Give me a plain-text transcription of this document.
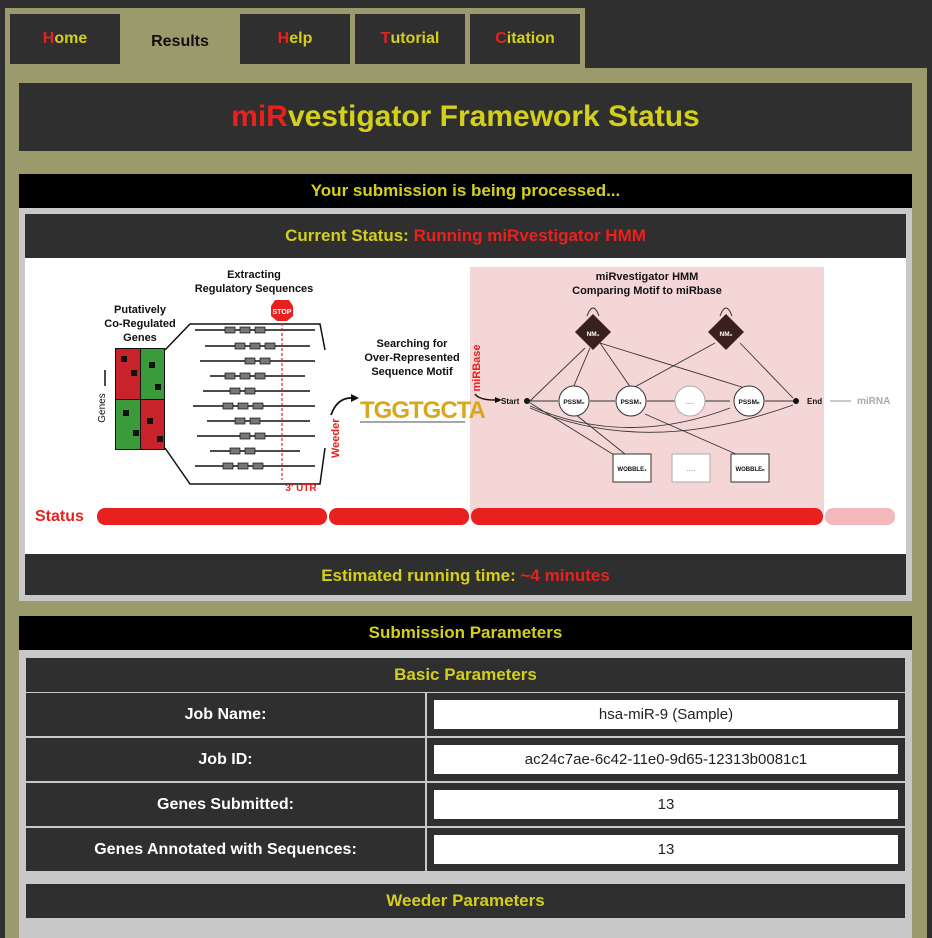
H ome	Results	H elp	T utorial	C itation
miR vestigator Framework Status
Your submission is being processed...
Current Status:
Running miRvestigator HMM
Extracting
Regulatory Sequences
Putatively
Co-Regulated
Genes
Genes
STOP
3' UTR
Weeder
Searching for
Over-Represented
Sequence Motif
TGGTGCTA
miRBase
miRvestigator HMM
Comparing Motif to miRbase
Start	End	miRNA
NM₁	NM₂
PSSM₀	PSSM₁	.....	PSSMₙ
WOBBLE₁	.....	WOBBLEₙ
Status
Estimated running time:
~4 minutes
Submission Parameters
Basic Parameters
Job Name:	hsa-miR-9 (Sample)
Job ID:	ac24c7ae-6c42-11e0-9d65-12313b0081c1
Genes Submitted:	13
Genes Annotated with Sequences:	13
Weeder Parameters
